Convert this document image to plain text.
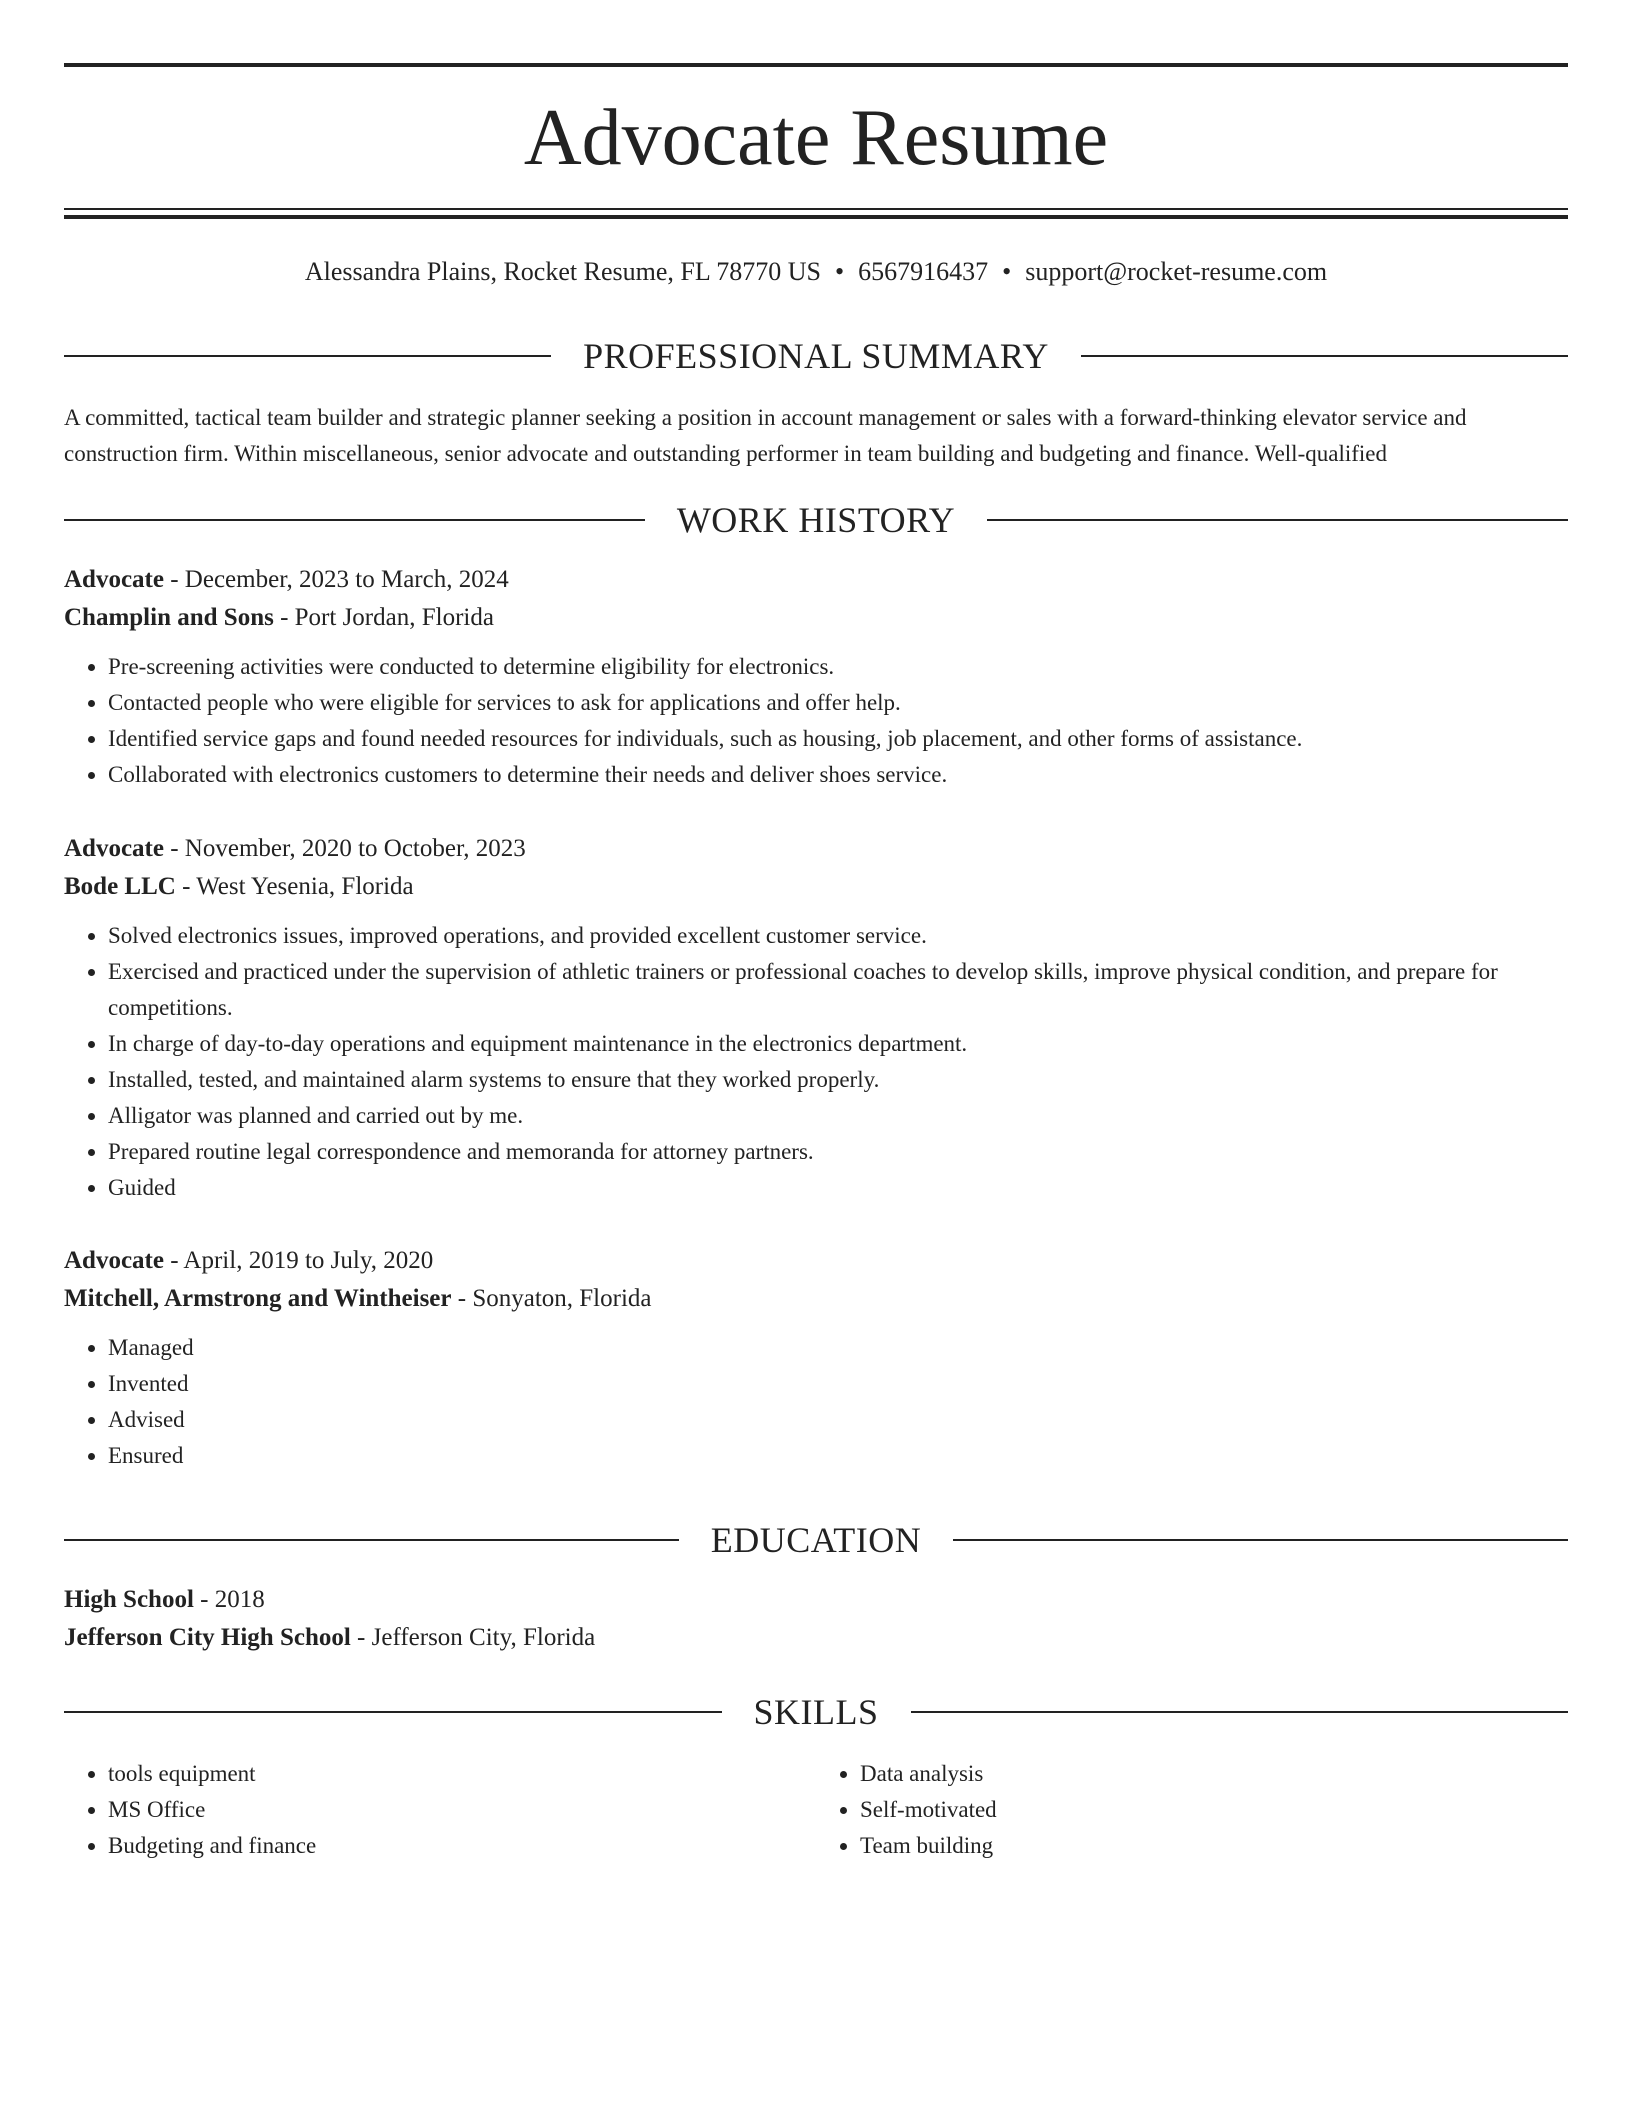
Advocate Resume
Alessandra Plains, Rocket Resume, FL 78770 US • 6567916437 • support@rocket-resume.com
PROFESSIONAL SUMMARY

A committed, tactical team builder and strategic planner seeking a position in account management or sales with a forward-thinking elevator service and construction firm. Within miscellaneous, senior advocate and outstanding performer in team building and budgeting and finance. Well-qualified

WORK HISTORY
Advocate - December, 2023 to March, 2024
Champlin and Sons - Port Jordan, Florida
• Pre-screening activities were conducted to determine eligibility for electronics.
• Contacted people who were eligible for services to ask for applications and offer help.
• Identified service gaps and found needed resources for individuals, such as housing, job placement, and other forms of assistance.
• Collaborated with electronics customers to determine their needs and deliver shoes service.
Advocate - November, 2020 to October, 2023
Bode LLC - West Yesenia, Florida
• Solved electronics issues, improved operations, and provided excellent customer service.
• Exercised and practiced under the supervision of athletic trainers or professional coaches to develop skills, improve physical condition, and prepare for competitions.
• In charge of day-to-day operations and equipment maintenance in the electronics department.
• Installed, tested, and maintained alarm systems to ensure that they worked properly.
• Alligator was planned and carried out by me.
• Prepared routine legal correspondence and memoranda for attorney partners.
• Guided
Advocate - April, 2019 to July, 2020
Mitchell, Armstrong and Wintheiser - Sonyaton, Florida
• Managed
• Invented
• Advised
• Ensured
EDUCATION
High School - 2018
Jefferson City High School - Jefferson City, Florida
SKILLS
• tools equipment
• MS Office
• Budgeting and finance
• Data analysis
• Self-motivated
• Team building
